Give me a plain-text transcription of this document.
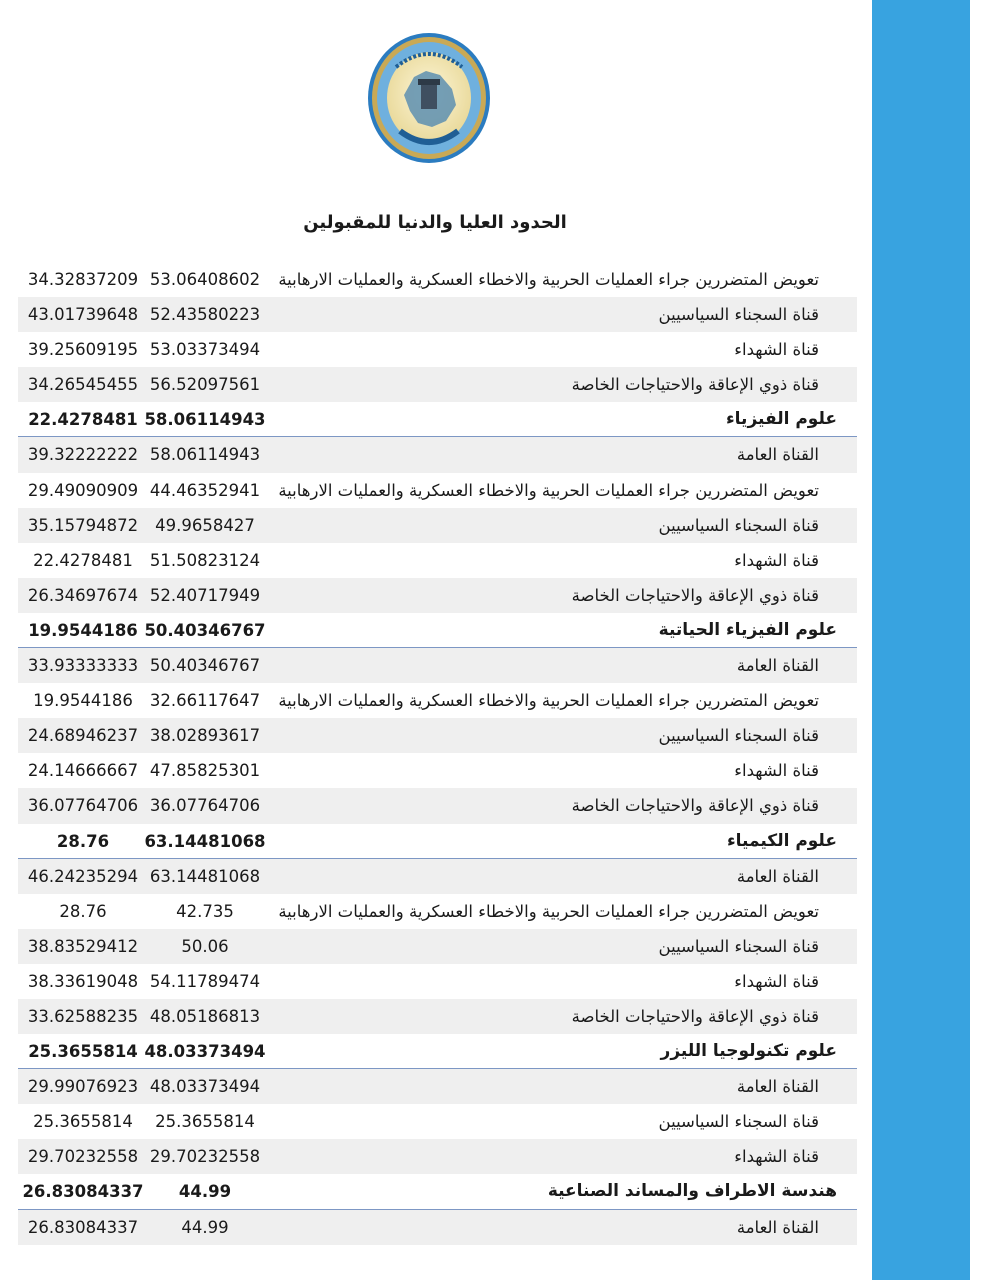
الحدود العليا والدنيا للمقبولين
34.32837209 53.06408602	تعويض المتضررين جراء العمليات الحربية والاخطاء العسكرية والعمليات الارهابية
43.01739648 52.43580223	قناة السجناء السياسيين
39.25609195 53.03373494	قناة الشهداء
34.26545455 56.52097561	قناة ذوي الإعاقة والاحتياجات الخاصة
22.4278481 58.06114943	علوم الفيزياء
39.32222222 58.06114943	القناة العامة
29.49090909 44.46352941	تعويض المتضررين جراء العمليات الحربية والاخطاء العسكرية والعمليات الارهابية
35.15794872	49.9658427	قناة السجناء السياسيين
22.4278481	51.50823124	قناة الشهداء
26.34697674 52.40717949	قناة ذوي الإعاقة والاحتياجات الخاصة
19.9544186 50.40346767	علوم الفيزياء الحياتية
33.93333333 50.40346767	القناة العامة
19.9544186	32.66117647	تعويض المتضررين جراء العمليات الحربية والاخطاء العسكرية والعمليات الارهابية
24.68946237 38.02893617	قناة السجناء السياسيين
24.14666667 47.85825301	قناة الشهداء
36.07764706 36.07764706	قناة ذوي الإعاقة والاحتياجات الخاصة
28.76	63.14481068	علوم الكيمياء
46.24235294 63.14481068	القناة العامة
28.76	42.735	تعويض المتضررين جراء العمليات الحربية والاخطاء العسكرية والعمليات الارهابية
38.83529412	50.06	قناة السجناء السياسيين
38.33619048 54.11789474	قناة الشهداء
33.62588235 48.05186813	قناة ذوي الإعاقة والاحتياجات الخاصة
25.3655814 48.03373494	علوم تكنولوجيا الليزر
29.99076923 48.03373494	القناة العامة
25.3655814	25.3655814	قناة السجناء السياسيين
29.70232558 29.70232558	قناة الشهداء
26.83084337	44.99	هندسة الاطراف والمساند الصناعية
26.83084337	44.99	القناة العامة
